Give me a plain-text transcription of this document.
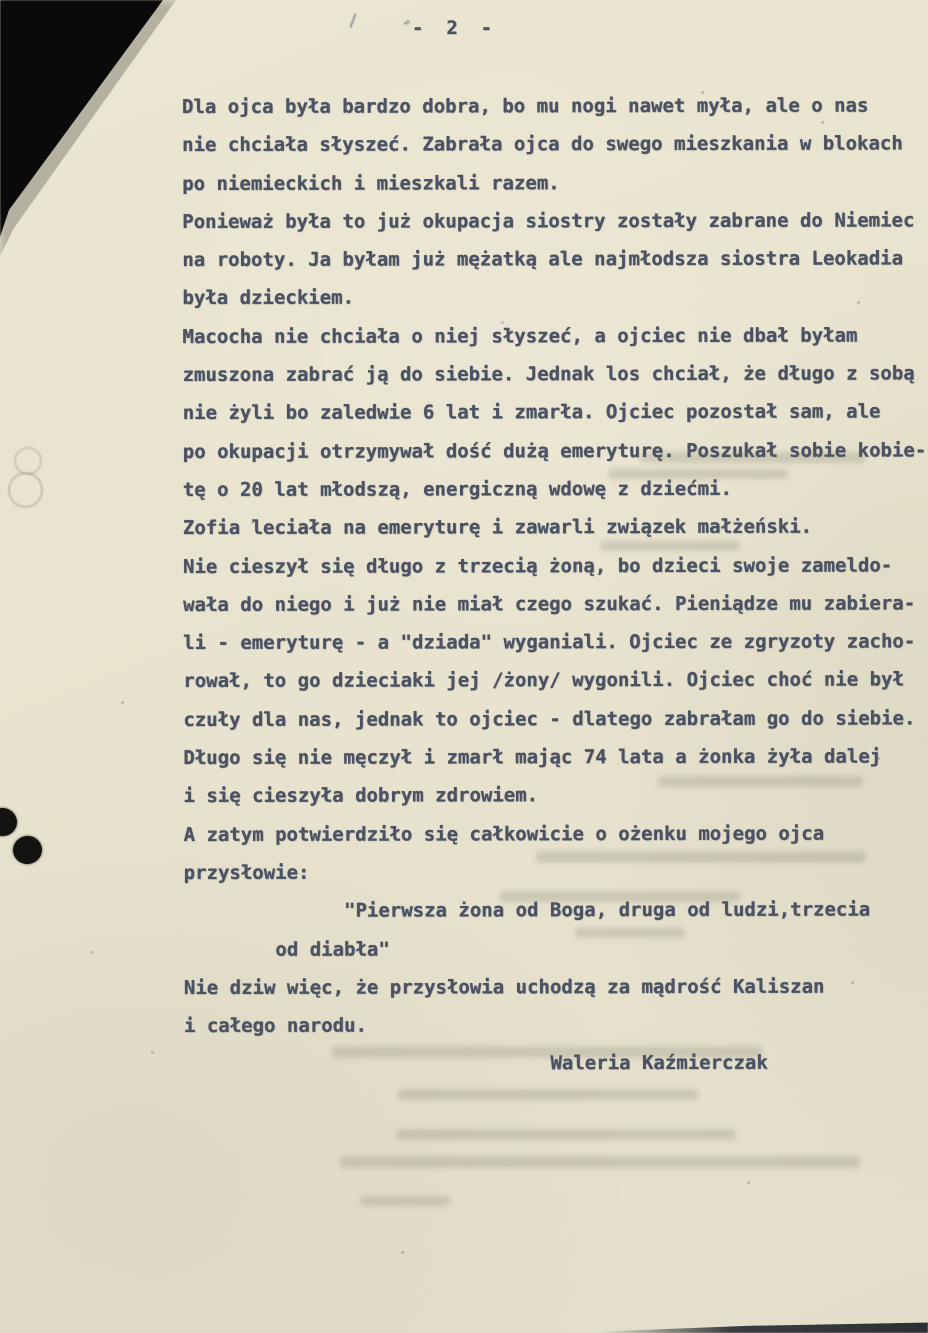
-  2  -
Dla ojca była bardzo dobra, bo mu nogi nawet myła, ale o nas
nie chciała słyszeć. Zabrała ojca do swego mieszkania w blokach
po niemieckich i mieszkali razem.
Ponieważ była to już okupacja siostry zostały zabrane do Niemiec
na roboty. Ja byłam już mężatką ale najmłodsza siostra Leokadia
była dzieckiem.
Macocha nie chciała o niej słyszeć, a ojciec nie dbał byłam
zmuszona zabrać ją do siebie. Jednak los chciał, że długo z sobą
nie żyli bo zaledwie 6 lat i zmarła. Ojciec pozostał sam, ale
po okupacji otrzymywał dość dużą emeryturę. Poszukał sobie kobie-
tę o 20 lat młodszą, energiczną wdowę z dziećmi.
Zofia leciała na emeryturę i zawarli związek małżeński.
Nie cieszył się długo z trzecią żoną, bo dzieci swoje zameldo-
wała do niego i już nie miał czego szukać. Pieniądze mu zabiera-
li - emeryturę - a "dziada" wyganiali. Ojciec ze zgryzoty zacho-
rował, to go dzieciaki jej /żony/ wygonili. Ojciec choć nie był
czuły dla nas, jednak to ojciec - dlatego zabrałam go do siebie.
Długo się nie męczył i zmarł mając 74 lata a żonka żyła dalej
i się cieszyła dobrym zdrowiem.
A zatym potwierdziło się całkowicie o ożenku mojego ojca
przysłowie:
"Pierwsza żona od Boga, druga od ludzi,trzecia
od diabła"
Nie dziw więc, że przysłowia uchodzą za mądrość Kaliszan
i całego narodu.
Waleria Kaźmierczak
